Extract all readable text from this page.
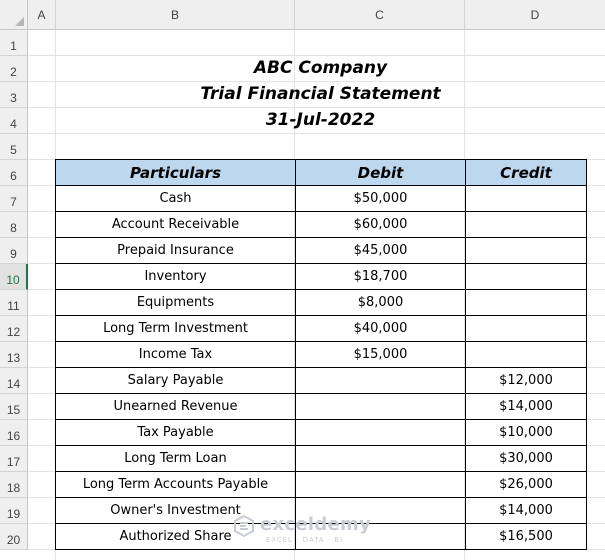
A	B	C	D
1
2
3
4
5
6
7
8
9
10
11
12
13
14
15
16
17
18
19
20
ABC Company
Trial Financial Statement
31-Jul-2022
Particulars	Debit	Credit
Cash	$50,000	
Account Receivable	$60,000	
Prepaid Insurance	$45,000	
Inventory	$18,700	
Equipments	$8,000	
Long Term Investment	$40,000	
Income Tax	$15,000	
Salary Payable		$12,000
Unearned Revenue		$14,000
Tax Payable		$10,000
Long Term Loan		$30,000
Long Term Accounts Payable		$26,000
Owner's Investment		$14,000
Authorized Share		$16,500
exceldemy
EXCEL · DATA · BI
